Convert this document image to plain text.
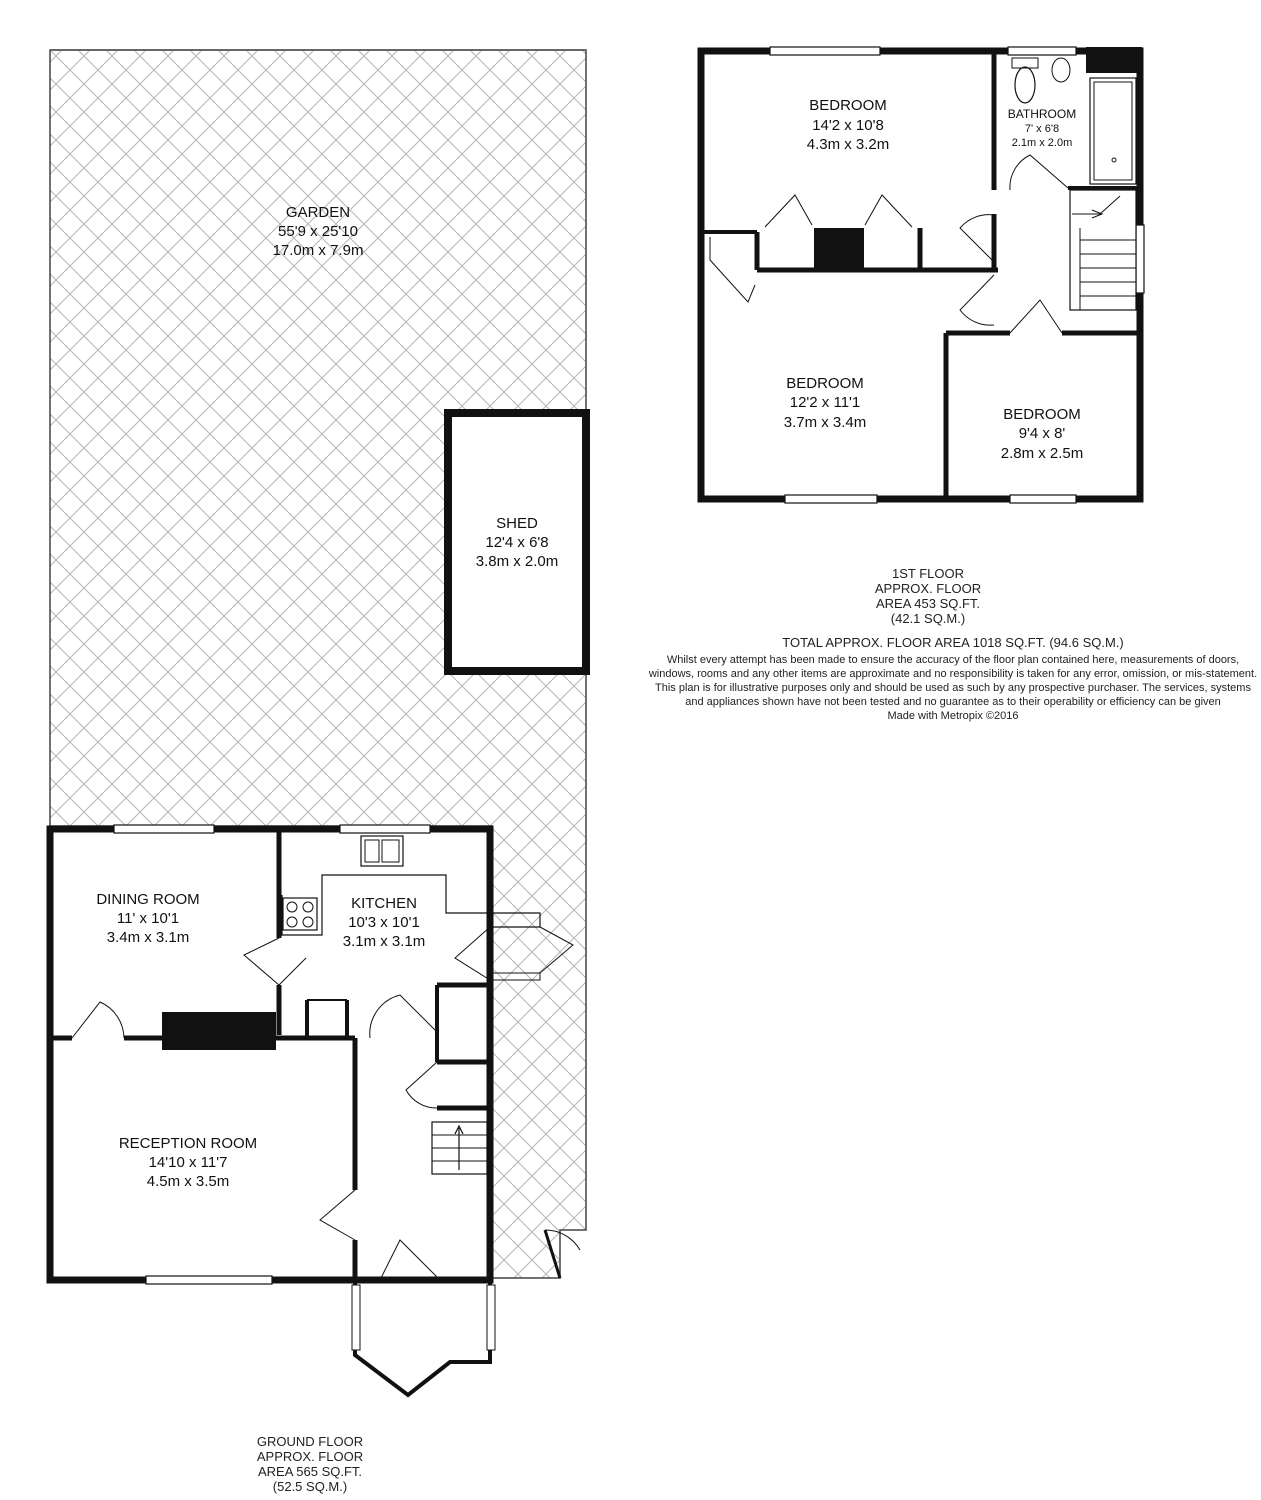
GARDEN
55'9 x 25'10
17.0m x 7.9m
SHED
12'4 x 6'8
3.8m x 2.0m
DINING ROOM
11' x 10'1
3.4m x 3.1m
KITCHEN
10'3 x 10'1
3.1m x 3.1m
RECEPTION ROOM
14'10 x 11'7
4.5m x 3.5m
BEDROOM
14'2 x 10'8
4.3m x 3.2m
BATHROOM
7' x 6'8
2.1m x 2.0m
BEDROOM
12'2 x 11'1
3.7m x 3.4m	BEDROOM
9'4 x 8'
2.8m x 2.5m
1ST FLOOR
APPROX. FLOOR
AREA 453 SQ.FT.
(42.1 SQ.M.)
TOTAL APPROX. FLOOR AREA 1018 SQ.FT. (94.6 SQ.M.)
Whilst every attempt has been made to ensure the accuracy of the floor plan contained here, measurements of doors, windows, rooms and any other items are approximate and no responsibility is taken for any error, omission, or mis-statement. This plan is for illustrative purposes only and should be used as such by any prospective purchaser. The services, systems and appliances shown have not been tested and no guarantee as to their operability or efficiency can be given
Made with Metropix ©2016
GROUND FLOOR
APPROX. FLOOR
AREA 565 SQ.FT.
(52.5 SQ.M.)
